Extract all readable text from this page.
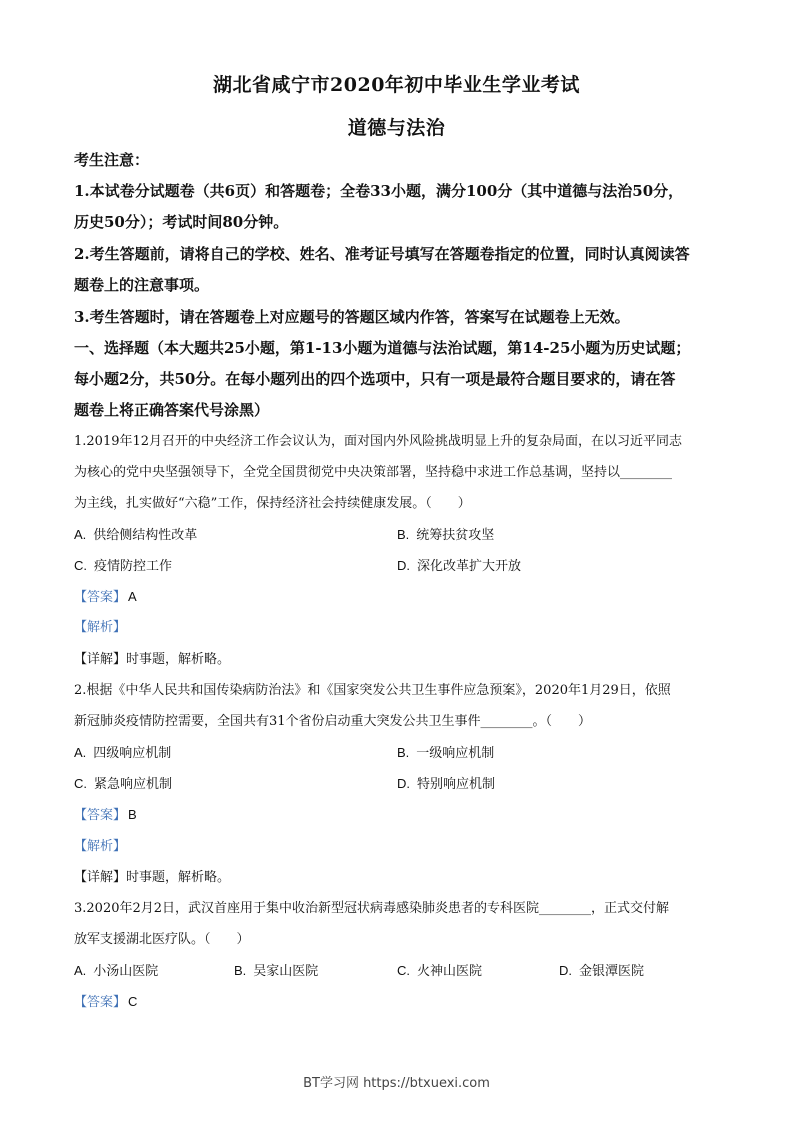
湖北省咸宁市2020年初中毕业生学业考试
道德与法治
考生注意：
1.本试卷分试题卷（共6页）和答题卷；全卷33小题，满分100分（其中道德与法治50分，
历史50分）；考试时间80分钟。
2.考生答题前，请将自己的学校、姓名、准考证号填写在答题卷指定的位置，同时认真阅读答
题卷上的注意事项。
3.考生答题时，请在答题卷上对应题号的答题区域内作答，答案写在试题卷上无效。
一、选择题（本大题共25小题，第1-13小题为道德与法治试题，第14-25小题为历史试题；
每小题2分，共50分。在每小题列出的四个选项中，只有一项是最符合题目要求的，请在答
题卷上将正确答案代号涂黑）
1.2019年12月召开的中央经济工作会议认为，面对国内外风险挑战明显上升的复杂局面，在以习近平同志
为核心的党中央坚强领导下，全党全国贯彻党中央决策部署，坚持稳中求进工作总基调，坚持以________
为主线，扎实做好“六稳”工作，保持经济社会持续健康发展。（　　）
A. 供给侧结构性改革	B. 统筹扶贫攻坚
C. 疫情防控工作	D. 深化改革扩大开放
【答案】 A
【解析】
【详解】时事题，解析略。
2.根据《中华人民共和国传染病防治法》和《国家突发公共卫生事件应急预案》，2020年1月29日，依照
新冠肺炎疫情防控需要，全国共有31个省份启动重大突发公共卫生事件________。（　　）
A. 四级响应机制	B. 一级响应机制
C. 紧急响应机制	D. 特别响应机制
【答案】 B
【解析】
【详解】时事题，解析略。
3.2020年2月2日，武汉首座用于集中收治新型冠状病毒感染肺炎患者的专科医院________，正式交付解
放军支援湖北医疗队。（　　）
A. 小汤山医院	B. 吴家山医院	C. 火神山医院	D. 金银潭医院
【答案】 C
BT学习网 https://btxuexi.com
